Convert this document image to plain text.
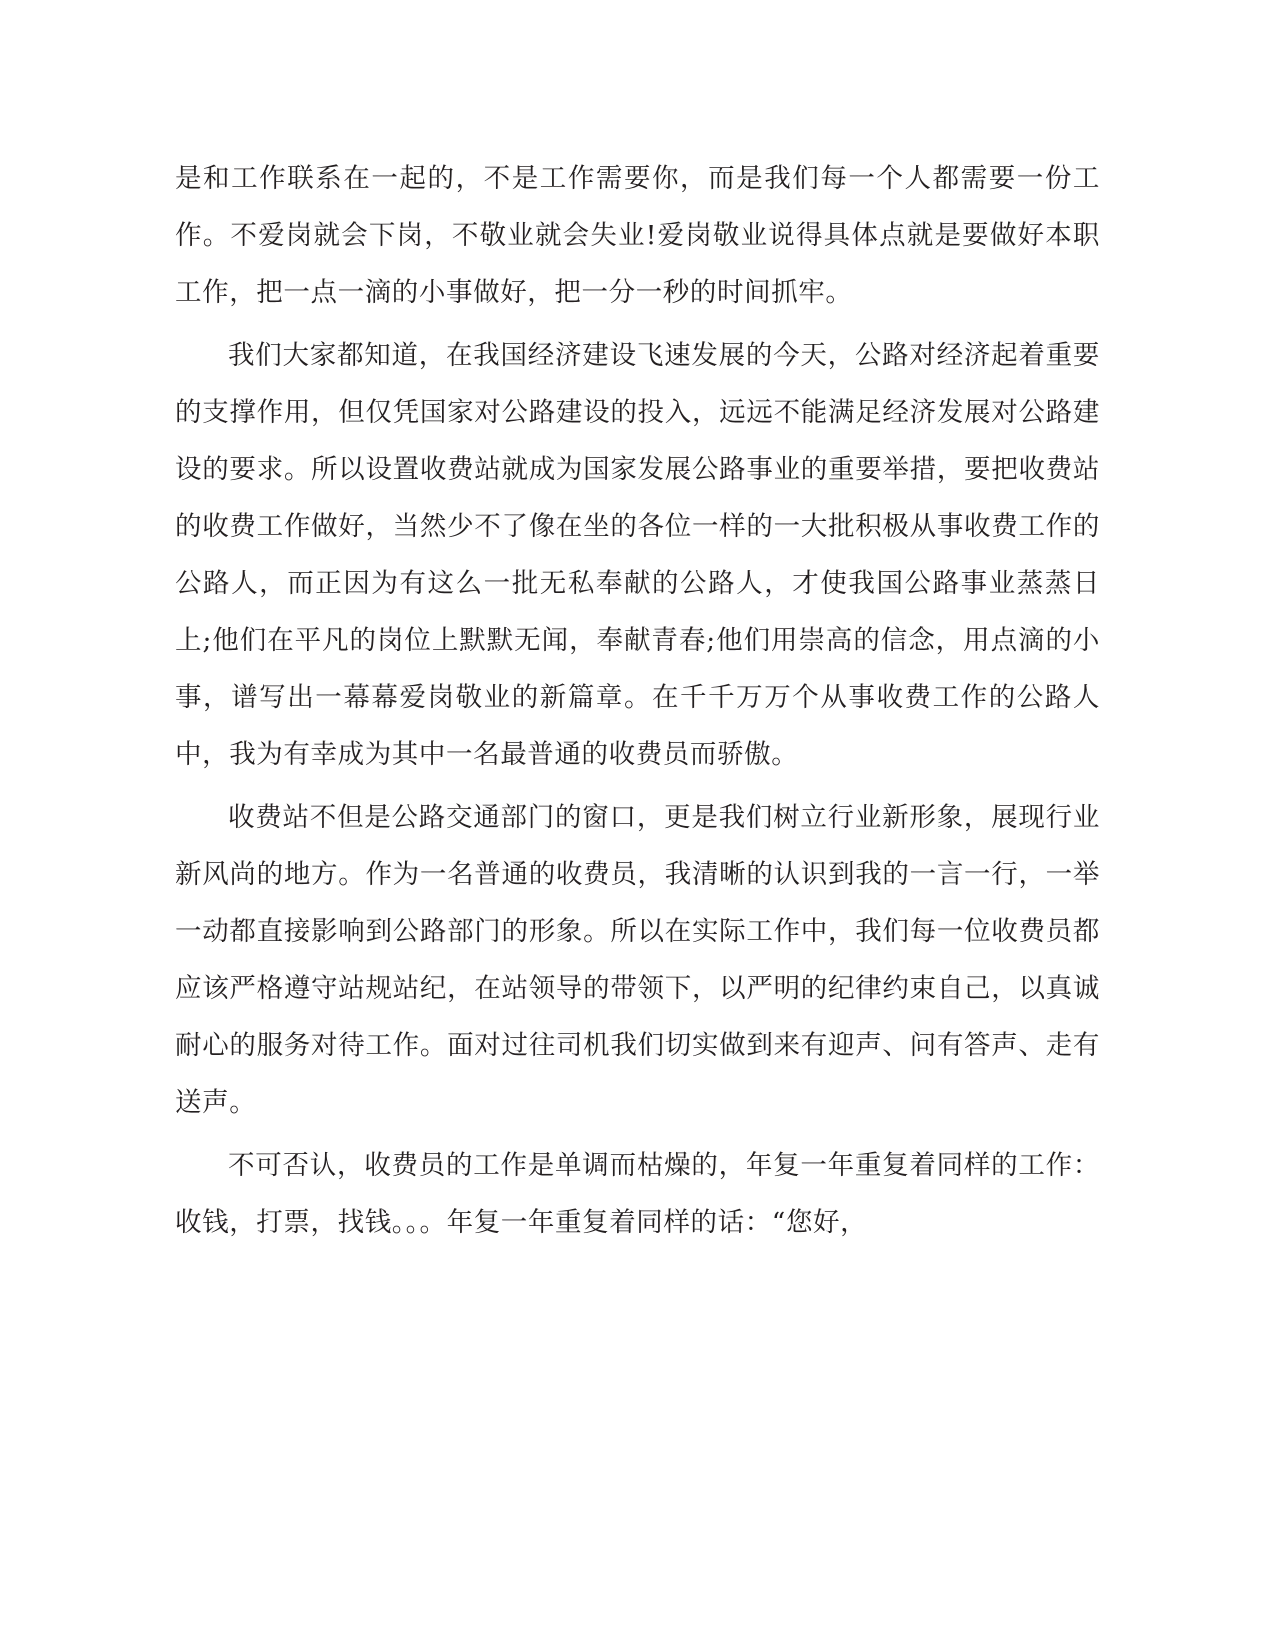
是和工作联系在一起的，不是工作需要你，而是我们每一个人都需要一份工作。不爱岗就会下岗，不敬业就会失业!爱岗敬业说得具体点就是要做好本职工作，把一点一滴的小事做好，把一分一秒的时间抓牢。

我们大家都知道，在我国经济建设飞速发展的今天，公路对经济起着重要的支撑作用，但仅凭国家对公路建设的投入，远远不能满足经济发展对公路建设的要求。所以设置收费站就成为国家发展公路事业的重要举措，要把收费站的收费工作做好，当然少不了像在坐的各位一样的一大批积极从事收费工作的公路人，而正因为有这么一批无私奉献的公路人，才使我国公路事业蒸蒸日上;他们在平凡的岗位上默默无闻，奉献青春;他们用崇高的信念，用点滴的小事，谱写出一幕幕爱岗敬业的新篇章。在千千万万个从事收费工作的公路人中，我为有幸成为其中一名最普通的收费员而骄傲。

收费站不但是公路交通部门的窗口，更是我们树立行业新形象，展现行业新风尚的地方。作为一名普通的收费员，我清晰的认识到我的一言一行，一举一动都直接影响到公路部门的形象。所以在实际工作中，我们每一位收费员都应该严格遵守站规站纪，在站领导的带领下，以严明的纪律约束自己，以真诚耐心的服务对待工作。面对过往司机我们切实做到来有迎声、问有答声、走有送声。

不可否认，收费员的工作是单调而枯燥的，年复一年重复着同样的工作：收钱，打票，找钱。。。年复一年重复着同样的话：“您好，
